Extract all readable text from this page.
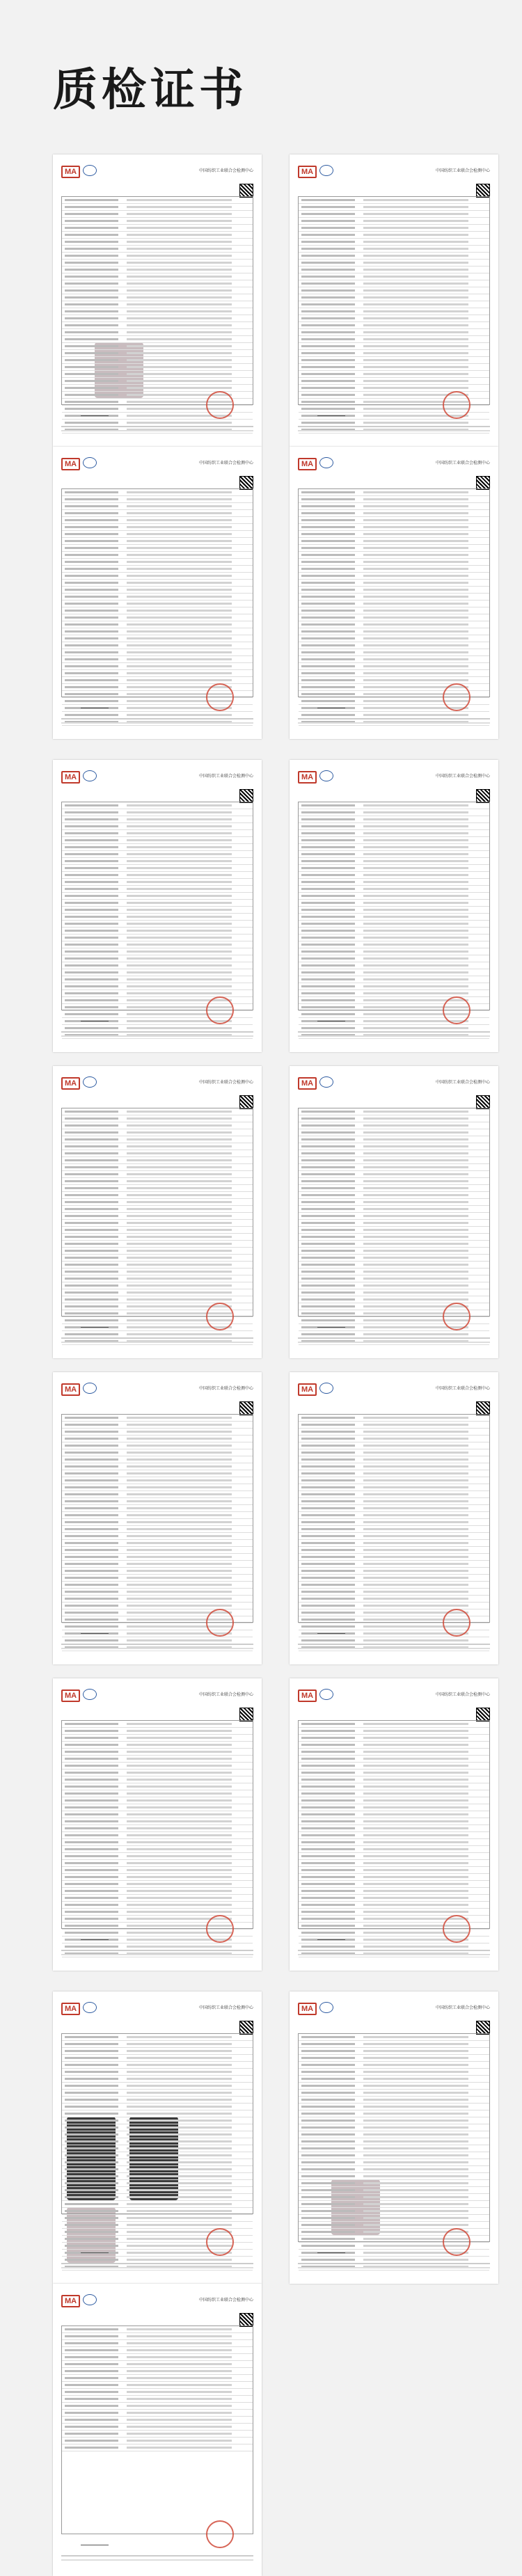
质检证书
MA	中国纺织工业联合会检测中心	MA	中国纺织工业联合会检测中心
MA	中国纺织工业联合会检测中心	MA	中国纺织工业联合会检测中心
MA	中国纺织工业联合会检测中心	MA	中国纺织工业联合会检测中心
MA	中国纺织工业联合会检测中心	MA	中国纺织工业联合会检测中心
MA	中国纺织工业联合会检测中心	MA	中国纺织工业联合会检测中心
MA	中国纺织工业联合会检测中心	MA	中国纺织工业联合会检测中心
MA	中国纺织工业联合会检测中心	MA	中国纺织工业联合会检测中心
MA	中国纺织工业联合会检测中心
